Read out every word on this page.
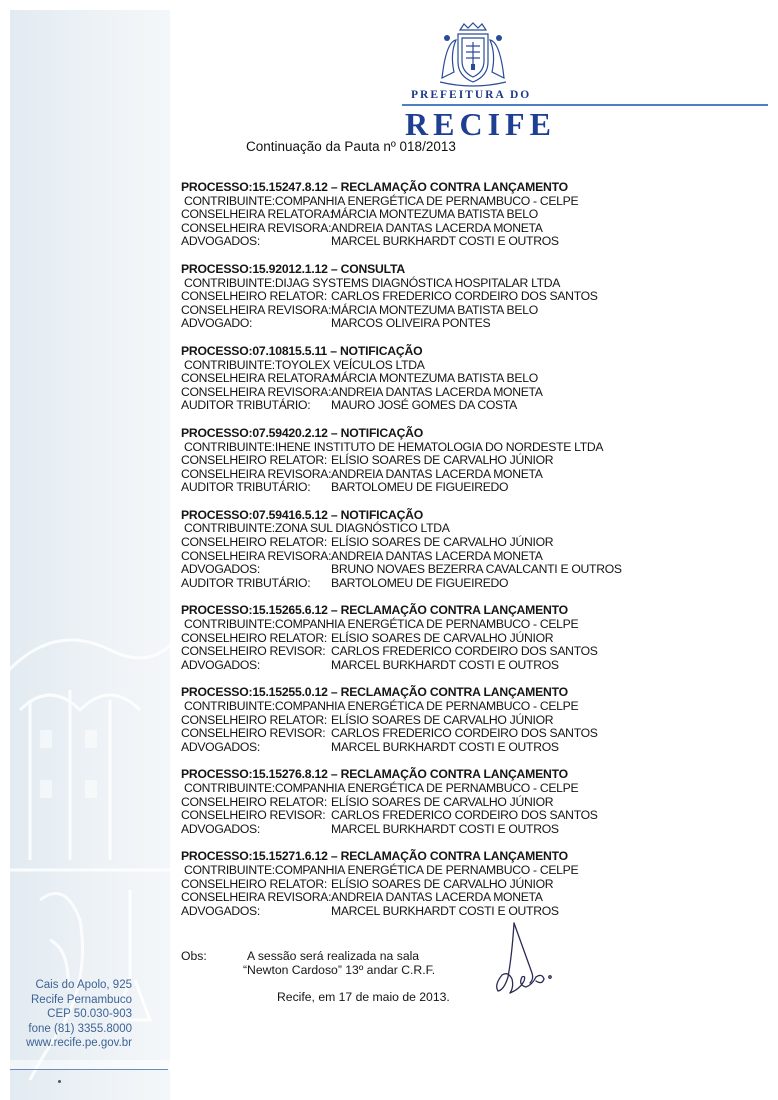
PREFEITURA DO
RECIFE
Continuação da Pauta nº 018/2013
PROCESSO:15.15247.8.12 – RECLAMAÇÃO CONTRA LANÇAMENTO
CONTRIBUINTE:COMPANHIA ENERGÉTICA DE PERNAMBUCO - CELPE
CONSELHEIRA RELATORA:
MÁRCIA MONTEZUMA BATISTA BELO
CONSELHEIRA REVISORA: ANDREIA DANTAS LACERDA MONETA
ADVOGADOS:	MARCEL BURKHARDT COSTI E OUTROS
PROCESSO:15.92012.1.12 – CONSULTA
CONTRIBUINTE:DIJAG SYSTEMS DIAGNÓSTICA HOSPITALAR LTDA
CONSELHEIRO RELATOR: CARLOS FREDERICO CORDEIRO DOS SANTOS
CONSELHEIRA REVISORA: MÁRCIA MONTEZUMA BATISTA BELO
ADVOGADO:	MARCOS OLIVEIRA PONTES
PROCESSO:07.10815.5.11 – NOTIFICAÇÃO
CONTRIBUINTE:TOYOLEX VEÍCULOS LTDA
CONSELHEIRA RELATORA:
MÁRCIA MONTEZUMA BATISTA BELO
CONSELHEIRA REVISORA: ANDREIA DANTAS LACERDA MONETA
AUDITOR TRIBUTÁRIO: MAURO JOSÉ GOMES DA COSTA
PROCESSO:07.59420.2.12 – NOTIFICAÇÃO
CONTRIBUINTE:IHENE INSTITUTO DE HEMATOLOGIA DO NORDESTE LTDA
CONSELHEIRO RELATOR: ELÍSIO SOARES DE CARVALHO JÚNIOR
CONSELHEIRA REVISORA: ANDREIA DANTAS LACERDA MONETA
AUDITOR TRIBUTÁRIO: BARTOLOMEU DE FIGUEIREDO
PROCESSO:07.59416.5.12 – NOTIFICAÇÃO
CONTRIBUINTE:ZONA SUL DIAGNÓSTICO LTDA
CONSELHEIRO RELATOR: ELÍSIO SOARES DE CARVALHO JÚNIOR
CONSELHEIRA REVISORA: ANDREIA DANTAS LACERDA MONETA
ADVOGADOS:	BRUNO NOVAES BEZERRA CAVALCANTI E OUTROS
AUDITOR TRIBUTÁRIO: BARTOLOMEU DE FIGUEIREDO
PROCESSO:15.15265.6.12 – RECLAMAÇÃO CONTRA LANÇAMENTO
CONTRIBUINTE:COMPANHIA ENERGÉTICA DE PERNAMBUCO - CELPE
CONSELHEIRO RELATOR: ELÍSIO SOARES DE CARVALHO JÚNIOR
CONSELHEIRO REVISOR: CARLOS FREDERICO CORDEIRO DOS SANTOS
ADVOGADOS:	MARCEL BURKHARDT COSTI E OUTROS
PROCESSO:15.15255.0.12 – RECLAMAÇÃO CONTRA LANÇAMENTO
CONTRIBUINTE:COMPANHIA ENERGÉTICA DE PERNAMBUCO - CELPE
CONSELHEIRO RELATOR: ELÍSIO SOARES DE CARVALHO JÚNIOR
CONSELHEIRO REVISOR: CARLOS FREDERICO CORDEIRO DOS SANTOS
ADVOGADOS:	MARCEL BURKHARDT COSTI E OUTROS
PROCESSO:15.15276.8.12 – RECLAMAÇÃO CONTRA LANÇAMENTO
CONTRIBUINTE:COMPANHIA ENERGÉTICA DE PERNAMBUCO - CELPE
CONSELHEIRO RELATOR: ELÍSIO SOARES DE CARVALHO JÚNIOR
CONSELHEIRO REVISOR: CARLOS FREDERICO CORDEIRO DOS SANTOS
ADVOGADOS:	MARCEL BURKHARDT COSTI E OUTROS
PROCESSO:15.15271.6.12 – RECLAMAÇÃO CONTRA LANÇAMENTO
CONTRIBUINTE:COMPANHIA ENERGÉTICA DE PERNAMBUCO - CELPE
CONSELHEIRO RELATOR: ELÍSIO SOARES DE CARVALHO JÚNIOR
CONSELHEIRA REVISORA: ANDREIA DANTAS LACERDA MONETA
ADVOGADOS:	MARCEL BURKHARDT COSTI E OUTROS
Obs:	A sessão será realizada na sala
“Newton Cardoso” 13º andar C.R.F.
Recife, em 17 de maio de 2013.
Cais do Apolo, 925
Recife Pernambuco
CEP 50.030-903
fone (81) 3355.8000
www.recife.pe.gov.br
